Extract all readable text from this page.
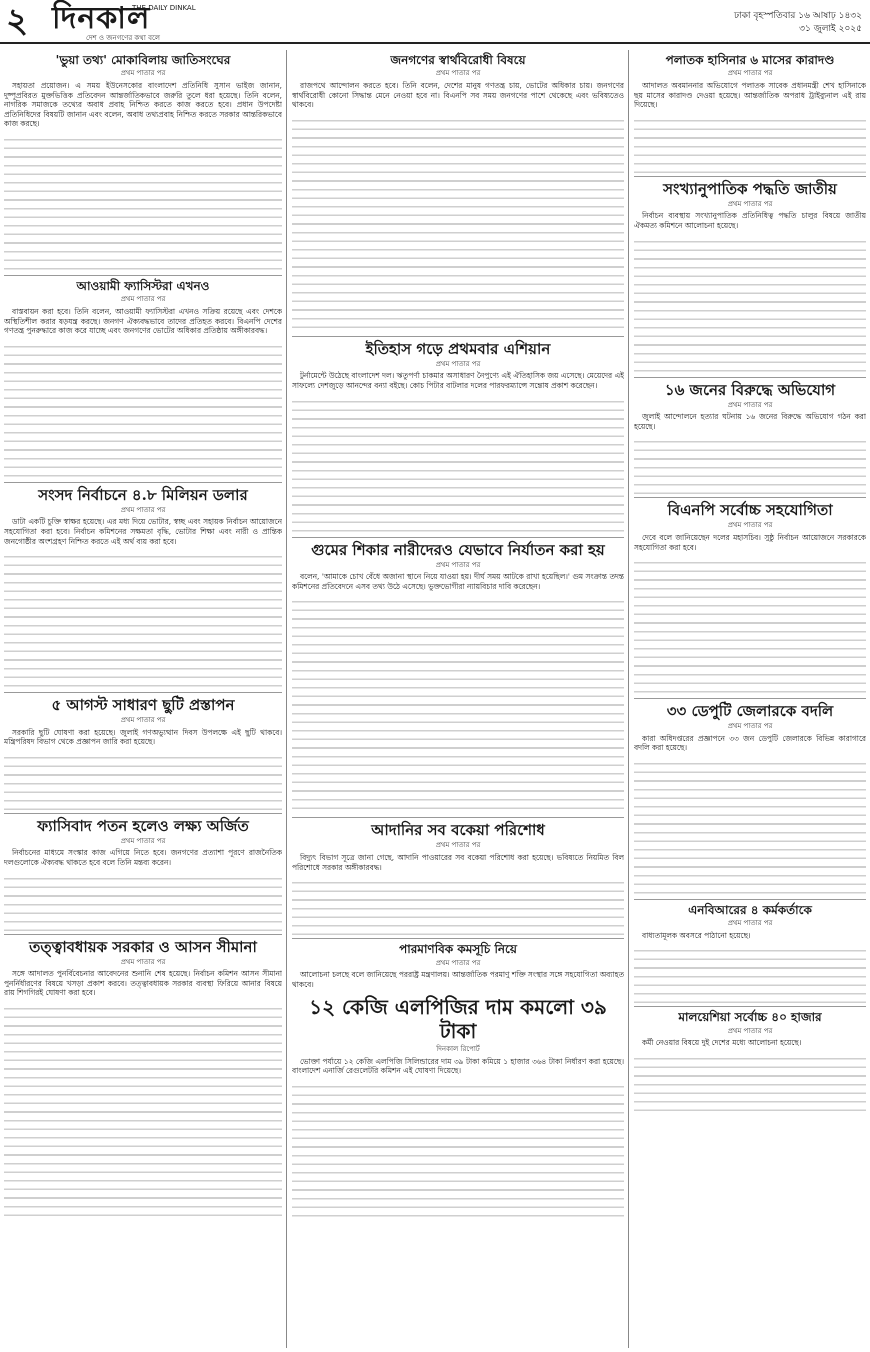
২ দিনকাল
THE DAILY DINKAL
দেশ ও জনগণের কথা বলে
ঢাকা বৃহস্পতিবার ১৬ আষাঢ় ১৪৩২
৩১ জুলাই ২০২৫
'ভুয়া তথ্য' মোকাবিলায় জাতিসংঘের
প্রথম পাতার পর

সহায়তা প্রয়োজন। এ সময় ইউনেসকোর বাংলাদেশ প্রতিনিধি সুসান ভাইজ জানান, দুষ্পূপ্রবিরত মুক্তভিত্তিক প্রতিবেদন আন্তর্জাতিকভাবে জরুরি তুলে ধরা হয়েছে। তিনি বলেন, নাগরিক সমাজকে তথ্যের অবাধ প্রবাহ নিশ্চিত করতে কাজ করতে হবে। প্রধান উপদেষ্টা প্রতিনিধিদের বিষয়টি জানান এবং বলেন, অবাধ তথ্যপ্রবাহ নিশ্চিত করতে সরকার আন্তরিকভাবে কাজ করছে।

আওয়ামী ফ্যাসিস্টরা এখনও
প্রথম পাতার পর

বাস্তবায়ন করা হবে। তিনি বলেন, আওয়ামী ফ্যাসিস্টরা এখনও সক্রিয় রয়েছে এবং দেশকে অস্থিতিশীল করার ষড়যন্ত্র করছে। জনগণ ঐক্যবদ্ধভাবে তাদের প্রতিহত করবে। বিএনপি দেশের গণতন্ত্র পুনরুদ্ধারে কাজ করে যাচ্ছে এবং জনগণের ভোটের অধিকার প্রতিষ্ঠায় অঙ্গীকারবদ্ধ।

সংসদ নির্বাচনে ৪.৮ মিলিয়ন ডলার
প্রথম পাতার পর

ডাটা একটি চুক্তি স্বাক্ষর হয়েছে। এর মধ্য দিয়ে ভোটার, স্বচ্ছ এবং সহায়ক নির্বাচন আয়োজনে সহযোগিতা করা হবে। নির্বাচন কমিশনের সক্ষমতা বৃদ্ধি, ভোটার শিক্ষা এবং নারী ও প্রান্তিক জনগোষ্ঠীর অংশগ্রহণ নিশ্চিত করতে এই অর্থ ব্যয় করা হবে।

৫ আগস্ট সাধারণ ছুটি প্রস্তাপন
প্রথম পাতার পর

সরকারি ছুটি ঘোষণা করা হয়েছে। জুলাই গণঅভ্যুত্থান দিবস উপলক্ষে এই ছুটি থাকবে। মন্ত্রিপরিষদ বিভাগ থেকে প্রজ্ঞাপন জারি করা হয়েছে।

ফ্যাসিবাদ পতন হলেও লক্ষ্য অর্জিত
প্রথম পাতার পর

নির্বাচনের মাধ্যমে সংস্কার কাজ এগিয়ে নিতে হবে। জনগণের প্রত্যাশা পূরণে রাজনৈতিক দলগুলোকে ঐক্যবদ্ধ থাকতে হবে বলে তিনি মন্তব্য করেন।

তত্ত্বাবধায়ক সরকার ও আসন সীমানা
প্রথম পাতার পর

সঙ্গে আদালত পুনর্বিবেচনার আবেদনের শুনানি শেষ হয়েছে। নির্বাচন কমিশন আসন সীমানা পুনর্নির্ধারণের বিষয়ে খসড়া প্রকাশ করবে। তত্ত্বাবধায়ক সরকার ব্যবস্থা ফিরিয়ে আনার বিষয়ে রায় শিগগিরই ঘোষণা করা হবে।

জনগণের স্বার্থবিরোধী বিষয়ে
প্রথম পাতার পর

রাজপথে আন্দোলন করতে হবে। তিনি বলেন, দেশের মানুষ গণতন্ত্র চায়, ভোটের অধিকার চায়। জনগণের স্বার্থবিরোধী কোনো সিদ্ধান্ত মেনে নেওয়া হবে না। বিএনপি সব সময় জনগণের পাশে থেকেছে এবং ভবিষ্যতেও থাকবে।

ইতিহাস গড়ে প্রথমবার এশিয়ান
প্রথম পাতার পর

টুর্নামেন্টে উঠেছে বাংলাদেশ দল। ঋতুপর্ণা চাকমার অসাধারণ নৈপুণ্যে এই ঐতিহাসিক জয় এসেছে। মেয়েদের এই সাফল্যে দেশজুড়ে আনন্দের বন্যা বইছে। কোচ পিটার বাটলার দলের পারফরম্যান্সে সন্তোষ প্রকাশ করেছেন।

গুমের শিকার নারীদেরও যেভাবে নির্যাতন করা হয়
প্রথম পাতার পর

বলেন, 'আমাকে চোখ বেঁধে অজানা স্থানে নিয়ে যাওয়া হয়। দীর্ঘ সময় আটকে রাখা হয়েছিল।' গুম সংক্রান্ত তদন্ত কমিশনের প্রতিবেদনে এসব তথ্য উঠে এসেছে। ভুক্তভোগীরা ন্যায়বিচার দাবি করেছেন।

আদানির সব বকেয়া পরিশোধ
প্রথম পাতার পর

বিদ্যুৎ বিভাগ সূত্রে জানা গেছে, আদানি পাওয়ারের সব বকেয়া পরিশোধ করা হয়েছে। ভবিষ্যতে নিয়মিত বিল পরিশোধে সরকার অঙ্গীকারবদ্ধ।

পারমাণবিক কমসূচি নিয়ে
প্রথম পাতার পর

আলোচনা চলছে বলে জানিয়েছে পররাষ্ট্র মন্ত্রণালয়। আন্তর্জাতিক পরমাণু শক্তি সংস্থার সঙ্গে সহযোগিতা অব্যাহত থাকবে।

১২ কেজি এলপিজির দাম কমলো ৩৯ টাকা
দিনকাল রিপোর্ট

ভোক্তা পর্যায়ে ১২ কেজি এলপিজি সিলিন্ডারের দাম ৩৯ টাকা কমিয়ে ১ হাজার ৩৬৪ টাকা নির্ধারণ করা হয়েছে। বাংলাদেশ এনার্জি রেগুলেটরি কমিশন এই ঘোষণা দিয়েছে।

পলাতক হাসিনার ৬ মাসের কারাদণ্ড
প্রথম পাতার পর

আদালত অবমাননার অভিযোগে পলাতক সাবেক প্রধানমন্ত্রী শেখ হাসিনাকে ছয় মাসের কারাদণ্ড দেওয়া হয়েছে। আন্তর্জাতিক অপরাধ ট্রাইব্যুনাল এই রায় দিয়েছে।

সংখ্যানুপাতিক পদ্ধতি জাতীয়
প্রথম পাতার পর

নির্বাচন ব্যবস্থায় সংখ্যানুপাতিক প্রতিনিধিত্ব পদ্ধতি চালুর বিষয়ে জাতীয় ঐকমত্য কমিশনে আলোচনা হয়েছে।

১৬ জনের বিরুদ্ধে অভিযোগ
প্রথম পাতার পর

জুলাই আন্দোলনে হত্যার ঘটনায় ১৬ জনের বিরুদ্ধে অভিযোগ গঠন করা হয়েছে।

বিএনপি সর্বোচ্চ সহযোগিতা
প্রথম পাতার পর

দেবে বলে জানিয়েছেন দলের মহাসচিব। সুষ্ঠু নির্বাচন আয়োজনে সরকারকে সহযোগিতা করা হবে।

৩৩ ডেপুটি জেলারকে বদলি
প্রথম পাতার পর

কারা অধিদপ্তরের প্রজ্ঞাপনে ৩৩ জন ডেপুটি জেলারকে বিভিন্ন কারাগারে বদলি করা হয়েছে।

এনবিআরের ৪ কর্মকর্তাকে
প্রথম পাতার পর

বাধ্যতামূলক অবসরে পাঠানো হয়েছে।

মালয়েশিয়া সর্বোচ্চ ৪০ হাজার
প্রথম পাতার পর

কর্মী নেওয়ার বিষয়ে দুই দেশের মধ্যে আলোচনা হয়েছে।
